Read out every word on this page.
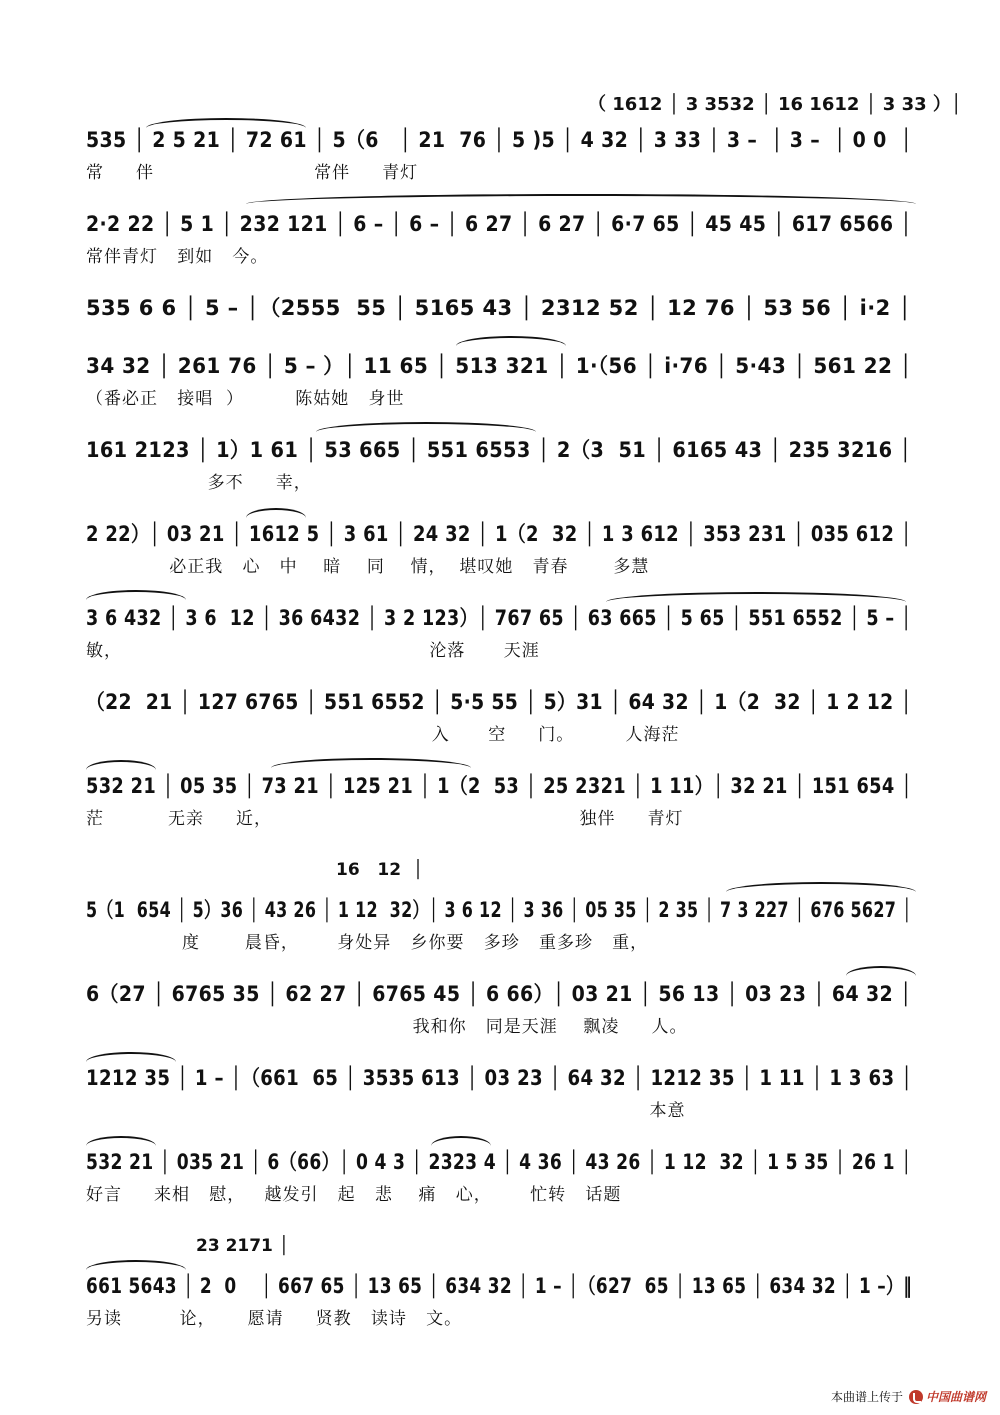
（ 1612 │ 3 3532 │ 16 1612 │ 3 33 ）│
535 │ 2 5 21 │ 72 61 │ 5（6   │ 21  76 │ 5 )5 │ 4 32 │ 3 33 │ 3 –  │ 3 –  │ 0 0  │
常     伴                         常伴     青灯
2·2 22 │ 5 1 │ 232 121 │ 6 – │ 6 – │ 6 27 │ 6 27 │ 6·7 65 │ 45 45 │ 617 6566 │
常伴青灯   到如   今。
535 6 6 │ 5 – │（2555  55 │ 5165 43 │ 2312 52 │ 12 76 │ 53 56 │ i·2 │
34 32 │ 261 76 │ 5 – ）│ 11 65 │ 513 321 │ 1·（56 │ i·76 │ 5·43 │ 561 22 │
（番必正   接唱  ）        陈姑她   身世
161 2123 │ 1）1 61 │ 53 665 │ 551 6553 │ 2（3  51 │ 6165 43 │ 235 3216 │
多不     幸，
2 22）│ 03 21 │ 1612 5 │ 3 61 │ 24 32 │ 1（2  32 │ 1 3 612 │ 353 231 │ 035 612 │
必正我   心   中    暗    同    情，  堪叹她   青春       多慧
3 6 432 │ 3 6  12 │ 36 6432 │ 3 2 123）│ 767 65 │ 63 665 │ 5 65 │ 551 6552 │ 5 – │
敏，                                                沦落      天涯
（22  21 │ 127 6765 │ 551 6552 │ 5·5 55 │ 5）31 │ 64 32 │ 1（2  32 │ 1 2 12 │
入      空     门。        人海茫
532 21 │ 05 35 │ 73 21 │ 125 21 │ 1（2  53 │ 25 2321 │ 1 11）│ 32 21 │ 151 654 │
茫          无亲     近，                                                独伴     青灯
16   12  │
5（1  654 │ 5）36 │ 43 26 │ 1 12  32）│ 3 6 12 │ 3 36 │ 05 35 │ 2 35 │ 7 3 227 │ 676 5627 │
度       晨昏，      身处异   乡你要   多珍   重多珍   重，
6（27 │ 6765 35 │ 62 27 │ 6765 45 │ 6 66）│ 03 21 │ 56 13 │ 03 23 │ 64 32 │
我和你   同是天涯    飘凌     人。
1212 35 │ 1 – │（661  65 │ 3535 613 │ 03 23 │ 64 32 │ 1212 35 │ 1 11 │ 1 3 63 │
本意
532 21 │ 035 21 │ 6（66）│ 0 4 3 │ 2323 4 │ 4 36 │ 43 26 │ 1 12  32 │ 1 5 35 │ 26 1 │
好言     来相   慰，   越发引   起   悲    痛   心，      忙转   话题
23 2171 │
661 5643 │ 2  0    │ 667 65 │ 13 65 │ 634 32 │ 1 – │（627  65 │ 13 65 │ 634 32 │ 1 –）‖
另读         论，     愿请     贤教   读诗   文。
本曲谱上传于 中国曲谱网
